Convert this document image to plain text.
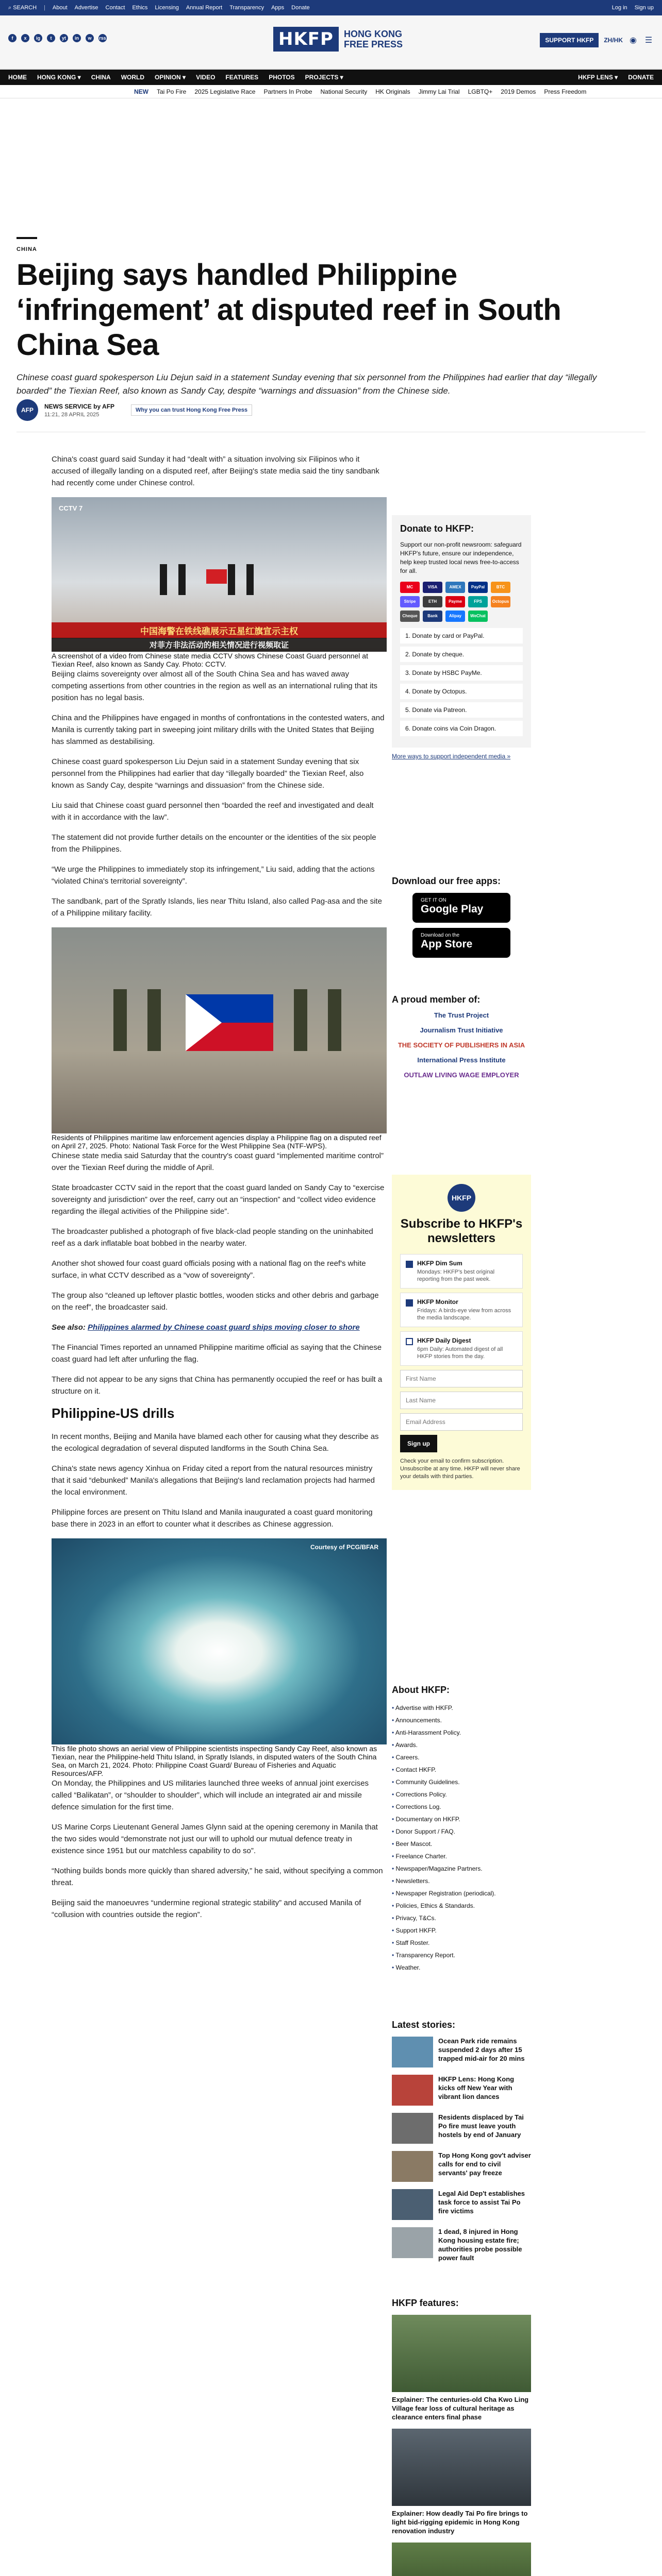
⌕ SEARCH | About Advertise Contact Ethics Licensing Annual Report Transparency Apps Donate	Log in Sign up
f	x	ig	t	yt	in	w	rss	HKFP	HONG KONG
FREE PRESS	SUPPORT HKFP	ZH/HK ◉ ☰
HOME HONG KONG ▾ CHINA WORLD OPINION ▾ VIDEO FEATURES PHOTOS PROJECTS ▾	HKFP LENS ▾ DONATE
NEW Tai Po Fire 2025 Legislative Race Partners In Probe National Security HK Originals Jimmy Lai Trial LGBTQ+ 2019 Demos Press Freedom
CHINA
Beijing says handled Philippine ‘infringement’ at disputed reef in South China Sea
Chinese coast guard spokesperson Liu Dejun said in a statement Sunday evening that six personnel from the Philippines had earlier that day “illegally boarded” the Tiexian Reef, also known as Sandy Cay, despite “warnings and dissuasion” from the Chinese side.
AFP
NEWS SERVICE by AFP
11:21, 28 APRIL 2025
Why you can trust Hong Kong Free Press

China's coast guard said Sunday it had “dealt with” a situation involving six Filipinos who it accused of illegally landing on a disputed reef, after Beijing's state media said the tiny sandbank had recently come under Chinese control.

CCTV 7
中国海警在铁线礁展示五星红旗宣示主权
对菲方非法活动的相关情况进行视频取证
A screenshot of a video from Chinese state media CCTV shows Chinese Coast Guard personnel at Tiexian Reef, also known as Sandy Cay. Photo: CCTV.

Beijing claims sovereignty over almost all of the South China Sea and has waved away competing assertions from other countries in the region as well as an international ruling that its position has no legal basis.

China and the Philippines have engaged in months of confrontations in the contested waters, and Manila is currently taking part in sweeping joint military drills with the United States that Beijing has slammed as destabilising.

Chinese coast guard spokesperson Liu Dejun said in a statement Sunday evening that six personnel from the Philippines had earlier that day “illegally boarded” the Tiexian Reef, also known as Sandy Cay, despite “warnings and dissuasion” from the Chinese side.

Liu said that Chinese coast guard personnel then “boarded the reef and investigated and dealt with it in accordance with the law”.

The statement did not provide further details on the encounter or the identities of the six people from the Philippines.

“We urge the Philippines to immediately stop its infringement,” Liu said, adding that the actions “violated China's territorial sovereignty”.

The sandbank, part of the Spratly Islands, lies near Thitu Island, also called Pag-asa and the site of a Philippine military facility.

Residents of Philippines maritime law enforcement agencies display a Philippine flag on a disputed reef on April 27, 2025. Photo: National Task Force for the West Philippine Sea (NTF-WPS).

Chinese state media said Saturday that the country's coast guard “implemented maritime control” over the Tiexian Reef during the middle of April.

State broadcaster CCTV said in the report that the coast guard landed on Sandy Cay to “exercise sovereignty and jurisdiction” over the reef, carry out an “inspection” and “collect video evidence regarding the illegal activities of the Philippine side”.

The broadcaster published a photograph of five black-clad people standing on the uninhabited reef as a dark inflatable boat bobbed in the nearby water.

Another shot showed four coast guard officials posing with a national flag on the reef's white surface, in what CCTV described as a “vow of sovereignty”.

The group also “cleaned up leftover plastic bottles, wooden sticks and other debris and garbage on the reef”, the broadcaster said.

See also: Philippines alarmed by Chinese coast guard ships moving closer to shore

The Financial Times reported an unnamed Philippine maritime official as saying that the Chinese coast guard had left after unfurling the flag.

There did not appear to be any signs that China has permanently occupied the reef or has built a structure on it.

Philippine-US drills

In recent months, Beijing and Manila have blamed each other for causing what they describe as the ecological degradation of several disputed landforms in the South China Sea.

China's state news agency Xinhua on Friday cited a report from the natural resources ministry that it said “debunked” Manila's allegations that Beijing's land reclamation projects had harmed the local environment.

Philippine forces are present on Thitu Island and Manila inaugurated a coast guard monitoring base there in 2023 in an effort to counter what it describes as Chinese aggression.

Courtesy of PCG/BFAR
This file photo shows an aerial view of Philippine scientists inspecting Sandy Cay Reef, also known as Tiexian, near the Philippine-held Thitu Island, in Spratly Islands, in disputed waters of the South China Sea, on March 21, 2024. Photo: Philippine Coast Guard/ Bureau of Fisheries and Aquatic Resources/AFP.

On Monday, the Philippines and US militaries launched three weeks of annual joint exercises called “Balikatan”, or “shoulder to shoulder”, which will include an integrated air and missile defence simulation for the first time.

US Marine Corps Lieutenant General James Glynn said at the opening ceremony in Manila that the two sides would “demonstrate not just our will to uphold our mutual defence treaty in existence since 1951 but our matchless capability to do so”.

“Nothing builds bonds more quickly than shared adversity,” he said, without specifying a common threat.

Beijing said the manoeuvres “undermine regional strategic stability” and accused Manila of “collusion with countries outside the region”.

Donate to HKFP:
Support our non-profit newsroom: safeguard HKFP's future, ensure our independence, help keep trusted local news free-to-access for all.
MC	VISA	AMEX	PayPal	BTC
Stripe	ETH	Payme	FPS	Octopus
Cheque	Bank	Alipay	WeChat
1. Donate by card or PayPal.
2. Donate by cheque.
3. Donate by HSBC PayMe.
4. Donate by Octopus.
5. Donate via Patreon.
6. Donate coins via Coin Dragon.
More ways to support independent media »
Download our free apps:
GET IT ON
Google Play
Download on the
App Store
A proud member of:
The Trust Project
Journalism Trust Initiative
THE SOCIETY OF PUBLISHERS IN ASIA
International Press Institute
OUTLAW LIVING WAGE EMPLOYER
HKFP
Subscribe to HKFP's newsletters
HKFP Dim Sum
Mondays: HKFP's best original reporting from the past week.
HKFP Monitor
Fridays: A birds-eye view from across the media landscape.
HKFP Daily Digest
6pm Daily: Automated digest of all HKFP stories from the day.
First Name Last Name Email Address Sign up
Check your email to confirm subscription. Unsubscribe at any time. HKFP will never share your details with third parties.
About HKFP:
• Advertise with HKFP.
• Announcements.
• Anti-Harassment Policy.
• Awards.
• Careers.
• Contact HKFP.
• Community Guidelines.
• Corrections Policy.
• Corrections Log.
• Documentary on HKFP.
• Donor Support / FAQ.
• Beer Mascot.
• Freelance Charter.
• Newspaper/Magazine Partners.
• Newsletters.
• Newspaper Registration (periodical).
• Policies, Ethics & Standards.
• Privacy, T&Cs.
• Support HKFP.
• Staff Roster.
• Transparency Report.
• Weather.
Latest stories:
Ocean Park ride remains suspended 2 days after 15 trapped mid-air for 20 mins
HKFP Lens: Hong Kong kicks off New Year with vibrant lion dances
Residents displaced by Tai Po fire must leave youth hostels by end of January
Top Hong Kong gov't adviser calls for end to civil servants' pay freeze
Legal Aid Dep't establishes task force to assist Tai Po fire victims
1 dead, 8 injured in Hong Kong housing estate fire; authorities probe possible power fault
HKFP features:
Explainer: The centuries-old Cha Kwo Ling Village fear loss of cultural heritage as clearance enters final phase
Explainer: How deadly Tai Po fire brings to light bid-rigging epidemic in Hong Kong renovation industry
